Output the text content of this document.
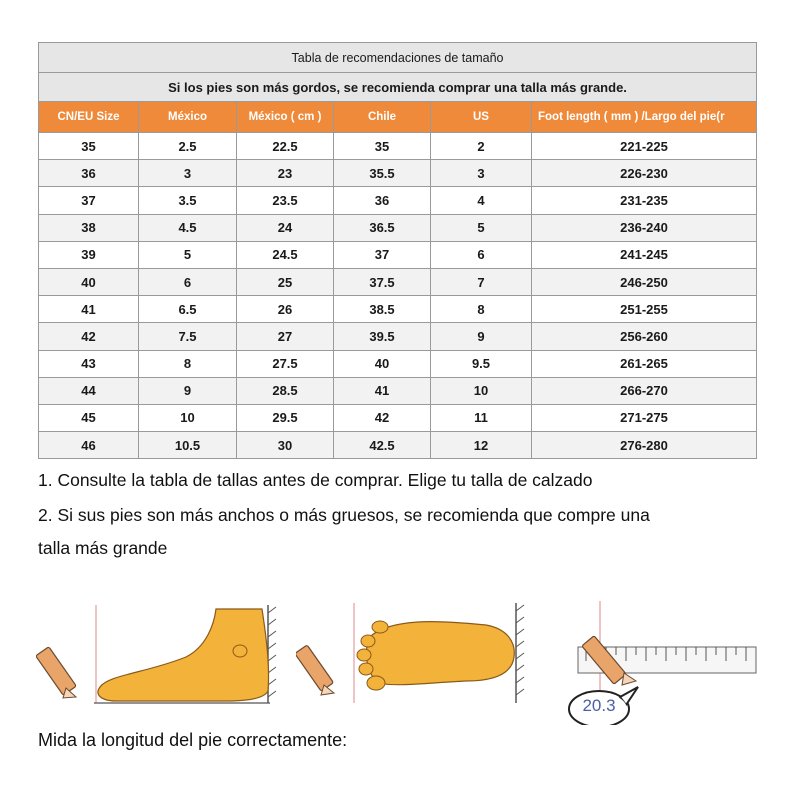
Tabla de recomendaciones de tamaño					
Si los pies son más gordos, se recomienda comprar una talla más grande.					
CN/EU Size	México	México ( cm )	Chile	US	Foot length ( mm ) /Largo del pie(r
35	2.5	22.5	35	2	221-225
36	3	23	35.5	3	226-230
37	3.5	23.5	36	4	231-235
38	4.5	24	36.5	5	236-240
39	5	24.5	37	6	241-245
40	6	25	37.5	7	246-250
41	6.5	26	38.5	8	251-255
42	7.5	27	39.5	9	256-260
43	8	27.5	40	9.5	261-265
44	9	28.5	41	10	266-270
45	10	29.5	42	11	271-275
46	10.5	30	42.5	12	276-280
1. Consulte la tabla de tallas antes de comprar. Elige tu talla de calzado
2. Si sus pies son más anchos o más gruesos, se recomienda que compre una
talla más grande
20.3
Mida la longitud del pie correctamente:
